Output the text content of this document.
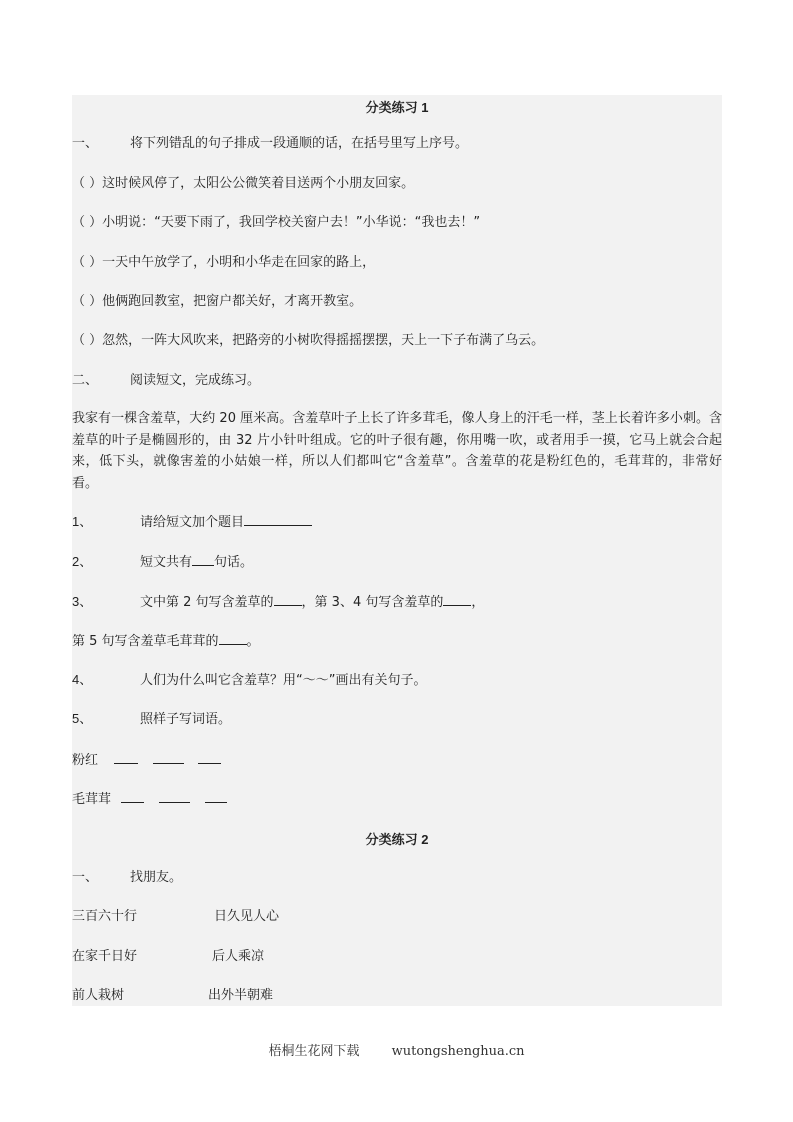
分类练习 1
一、 将下列错乱的句子排成一段通顺的话，在括号里写上序号。
（ ）这时候风停了，太阳公公微笑着目送两个小朋友回家。
（ ）小明说：“天要下雨了，我回学校关窗户去！”小华说：“我也去！”
（ ）一天中午放学了，小明和小华走在回家的路上，
（ ）他俩跑回教室，把窗户都关好，才离开教室。
（ ）忽然，一阵大风吹来，把路旁的小树吹得摇摇摆摆，天上一下子布满了乌云。
二、 阅读短文，完成练习。
我家有一棵含羞草，大约 20 厘米高。含羞草叶子上长了许多茸毛，像人身上的汗毛一样，茎上长着许多小刺。含羞草的叶子是椭圆形的，由 32 片小针叶组成。它的叶子很有趣，你用嘴一吹，或者用手一摸，它马上就会合起来，低下头，就像害羞的小姑娘一样，所以人们都叫它“含羞草”。含羞草的花是粉红色的，毛茸茸的，非常好看。
1、	请给短文加个题目
2、	短文共有 句话。
3、	文中第 2 句写含羞草的 ，第 3、4 句写含羞草的 ，
第 5 句写含羞草毛茸茸的 。
4、	人们为什么叫它含羞草？用“～～”画出有关句子。
5、	照样子写词语。
粉红
毛茸茸
分类练习 2
一、 找朋友。
三百六十行	日久见人心
在家千日好	后人乘凉
前人栽树	出外半朝难
梧桐生花网下载 wutongshenghua.cn
